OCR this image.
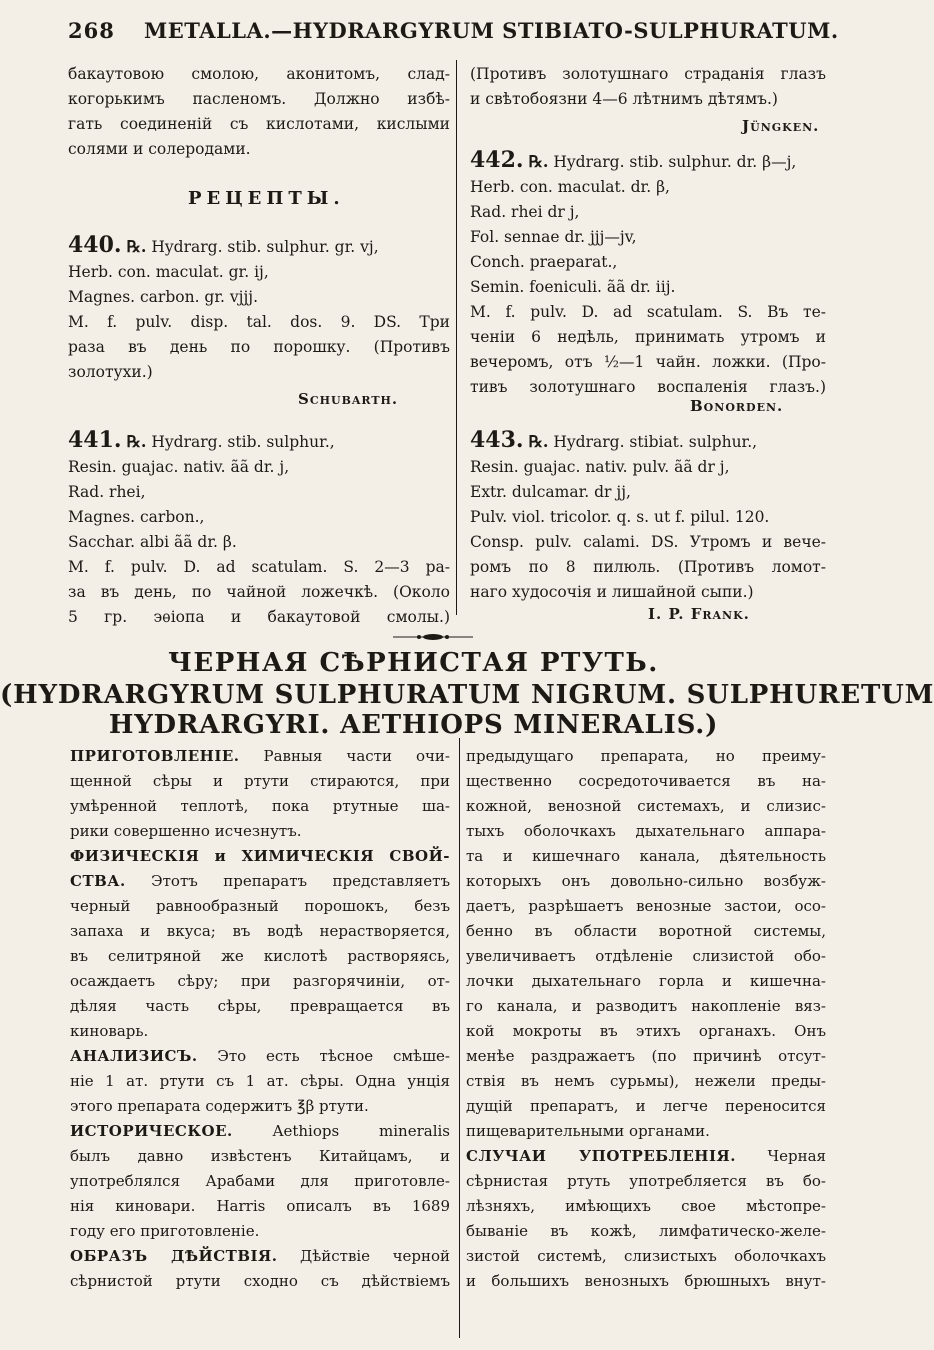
268 METALLA.—HYDRARGYRUM STIBIATO-SULPHURATUM.
бакаутовою смолою, аконитомъ, слад-
когорькимъ пасленомъ. Должно избѣ-
гать соединеній съ кислотами, кислыми
солями и солеродами.
РЕЦЕПТЫ.
440. ℞. Hydrarg. stib. sulphur. gr. vj,
Herb. con. maculat. gr. ij,
Magnes. carbon. gr. vjjj.
M. f. pulv. disp. tal. dos. 9. DS. Три
раза въ день по порошку. (Противъ
золотухи.)
Schubarth.
441. ℞. Hydrarg. stib. sulphur.,
Resin. guajac. nativ. ãã dr. j,
Rad. rhei,
Magnes. carbon.,
Sacchar. albi ãã dr. β.
M. f. pulv. D. ad scatulam. S. 2—3 ра-
за въ день, по чайной ложечкѣ. (Около
5 гр. эѳіопа и бакаутовой смолы.)
(Противъ золотушнаго страданія глазъ
и свѣтобоязни 4—6 лѣтнимъ дѣтямъ.)
Jüngken.
442. ℞. Hydrarg. stib. sulphur. dr. β—j,
Herb. con. maculat. dr. β,
Rad. rhei dr j,
Fol. sennae dr. jjj—jv,
Conch. praeparat.,
Semin. foeniculi. ãã dr. iij.
M. f. pulv. D. ad scatulam. S. Въ те-
ченіи 6 недѣль, принимать утромъ и
вечеромъ, отъ ½—1 чайн. ложки. (Про-
тивъ золотушнаго воспаленія глазъ.)
Bonorden.
443. ℞. Hydrarg. stibiat. sulphur.,
Resin. guajac. nativ. pulv. ãã dr j,
Extr. dulcamar. dr jj,
Pulv. viol. tricolor. q. s. ut f. pilul. 120.
Consp. pulv. calami. DS. Утромъ и вече-
ромъ по 8 пилюль. (Противъ ломот-
наго худосочія и лишайной сыпи.)
I. P. Frank.
ЧЕРНАЯ СѢРНИСТАЯ РТУТЬ.
(HYDRARGYRUM SULPHURATUM NIGRUM. SULPHURETUM
HYDRARGYRI. AETHIOPS MINERALIS.)
ПРИГОТОВЛЕНІЕ. Равныя части очи-
щенной сѣры и ртути стираются, при
умѣренной теплотѣ, пока ртутные ша-
рики совершенно исчезнутъ.
ФИЗИЧЕСКІЯ и ХИМИЧЕСКІЯ СВОЙ-
СТВА. Этотъ препаратъ представляетъ
черный равнообразный порошокъ, безъ
запаха и вкуса; въ водѣ нерастворяется,
въ селитряной же кислотѣ растворяясь,
осаждаетъ сѣру; при разгорячиніи, от-
дѣляя часть сѣры, превращается въ
киноварь.
АНАЛИЗИСЪ. Это есть тѣсное смѣше-
ніе 1 ат. ртути съ 1 ат. сѣры. Одна унція
этого препарата содержитъ ℥β ртути.
ИСТОРИЧЕСКОЕ. Aethiops mineralis
былъ давно извѣстенъ Китайцамъ, и
употреблялся Арабами для приготовле-
нія киновари. Harris описалъ въ 1689
году его приготовленіе.
ОБРАЗЪ ДѢЙСТВІЯ. Дѣйствіе черной
сѣрнистой ртути сходно съ дѣйствіемъ
предыдущаго препарата, но преиму-
щественно сосредоточивается въ на-
кожной, венозной системахъ, и слизис-
тыхъ оболочкахъ дыхательнаго аппара-
та и кишечнаго канала, дѣятельность
которыхъ онъ довольно-сильно возбуж-
даетъ, разрѣшаетъ венозные застои, осо-
бенно въ области воротной системы,
увеличиваетъ отдѣленіе слизистой обо-
лочки дыхательнаго горла и кишечна-
го канала, и разводитъ накопленіе вяз-
кой мокроты въ этихъ органахъ. Онъ
менѣе раздражаетъ (по причинѣ отсут-
ствія въ немъ сурьмы), нежели преды-
дущій препаратъ, и легче переносится
пищеварительными органами.
СЛУЧАИ УПОТРЕБЛЕНІЯ. Черная
сѣрнистая ртуть употребляется въ бо-
лѣзняхъ, имѣющихъ свое мѣстопре-
бываніе въ кожѣ, лимфатическо-желе-
зистой системѣ, слизистыхъ оболочкахъ
и большихъ венозныхъ брюшныхъ внут-
